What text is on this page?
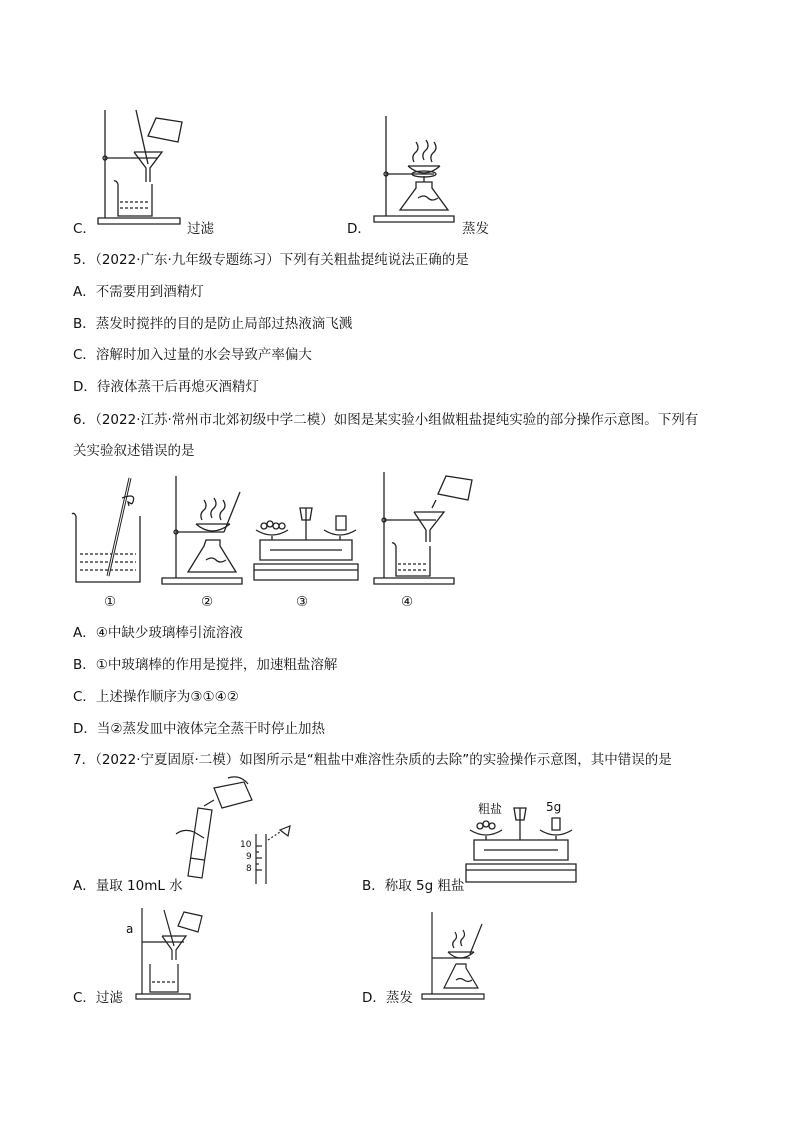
C．	过滤	D．	蒸发
5．（2022·广东·九年级专题练习）下列有关粗盐提纯说法正确的是
A．不需要用到酒精灯
B．蒸发时搅拌的目的是防止局部过热液滴飞溅
C．溶解时加入过量的水会导致产率偏大
D．待液体蒸干后再熄灭酒精灯
6．（2022·江苏·常州市北郊初级中学二模）如图是某实验小组做粗盐提纯实验的部分操作示意图。下列有
关实验叙述错误的是
①	②	③	④
A．④中缺少玻璃棒引流溶液
B．①中玻璃棒的作用是搅拌，加速粗盐溶解
C．上述操作顺序为③①④②
D．当②蒸发皿中液体完全蒸干时停止加热
7．（2022·宁夏固原·二模）如图所示是“粗盐中难溶性杂质的去除”的实验操作示意图，其中错误的是
10
9
8
A．量取 10mL 水
粗盐	5g
B．称取 5g 粗盐
a
C．过滤	D．蒸发
